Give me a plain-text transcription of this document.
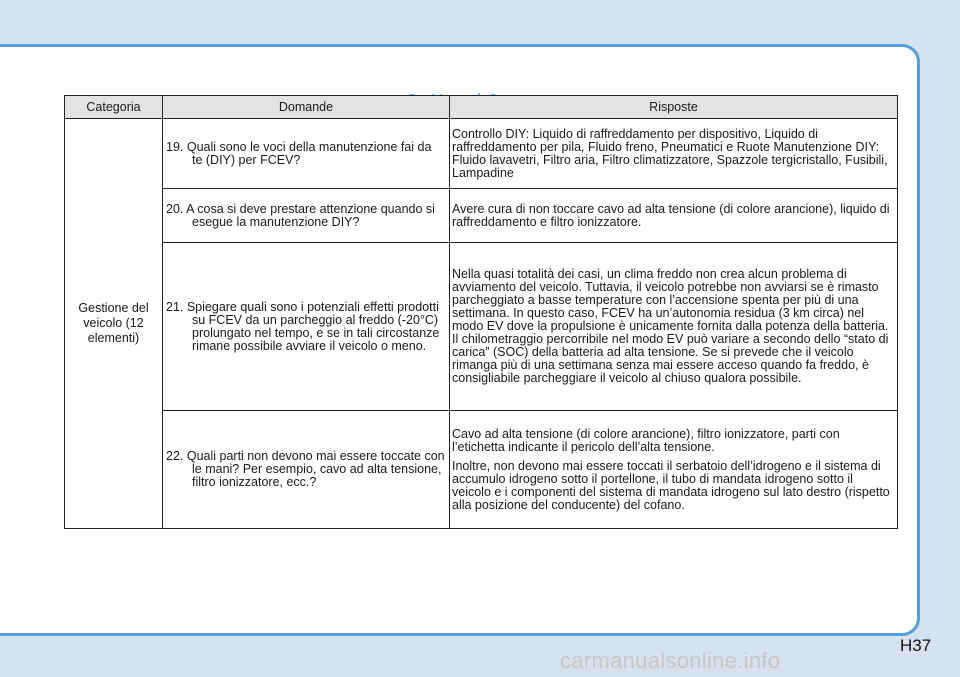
Categoria	Domande	Risposte

Gestione del veicolo (12 elementi)	19. Quali sono le voci della manutenzione fai da te (DIY) per FCEV?	Controllo DIY: Liquido di raffreddamento per dispositivo, Liquido di raffreddamento per pila, Fluido freno, Pneumatici e Ruote Manutenzione DIY: Fluido lavavetri, Filtro aria, Filtro climatizzatore, Spazzole tergicristallo, Fusibili, Lampadine

	20. A cosa si deve prestare attenzione quando si esegue la manutenzione DIY?	Avere cura di non toccare cavo ad alta tensione (di colore arancione), liquido di raffreddamento e filtro ionizzatore.

	21. Spiegare quali sono i potenziali effetti prodotti su FCEV da un parcheggio al freddo (-20°C) prolungato nel tempo, e se in tali circostanze rimane possibile avviare il veicolo o meno.	Nella quasi totalità dei casi, un clima freddo non crea alcun problema di avviamento del veicolo. Tuttavia, il veicolo potrebbe non avviarsi se è rimasto parcheggiato a basse temperature con l’accensione spenta per più di una settimana. In questo caso, FCEV ha un’autonomia residua (3 km circa) nel modo EV dove la propulsione è unicamente fornita dalla potenza della batteria. Il chilometraggio percorribile nel modo EV può variare a secondo dello “stato di carica” (SOC) della batteria ad alta tensione. Se si prevede che il veicolo rimanga più di una settimana senza mai essere acceso quando fa freddo, è consigliabile parcheggiare il veicolo al chiuso qualora possibile.

	22. Quali parti non devono mai essere toccate con le mani? Per esempio, cavo ad alta tensione, filtro ionizzatore, ecc.?	Cavo ad alta tensione (di colore arancione), filtro ionizzatore, parti con l’etichetta indicante il pericolo dell’alta tensione.
Inoltre, non devono mai essere toccati il serbatoio dell’idrogeno e il sistema di accumulo idrogeno sotto il portellone, il tubo di mandata idrogeno sotto il veicolo e i componenti del sistema di mandata idrogeno sul lato destro (rispetto alla posizione del conducente) del cofano.
H37
carmanualsonline.info
